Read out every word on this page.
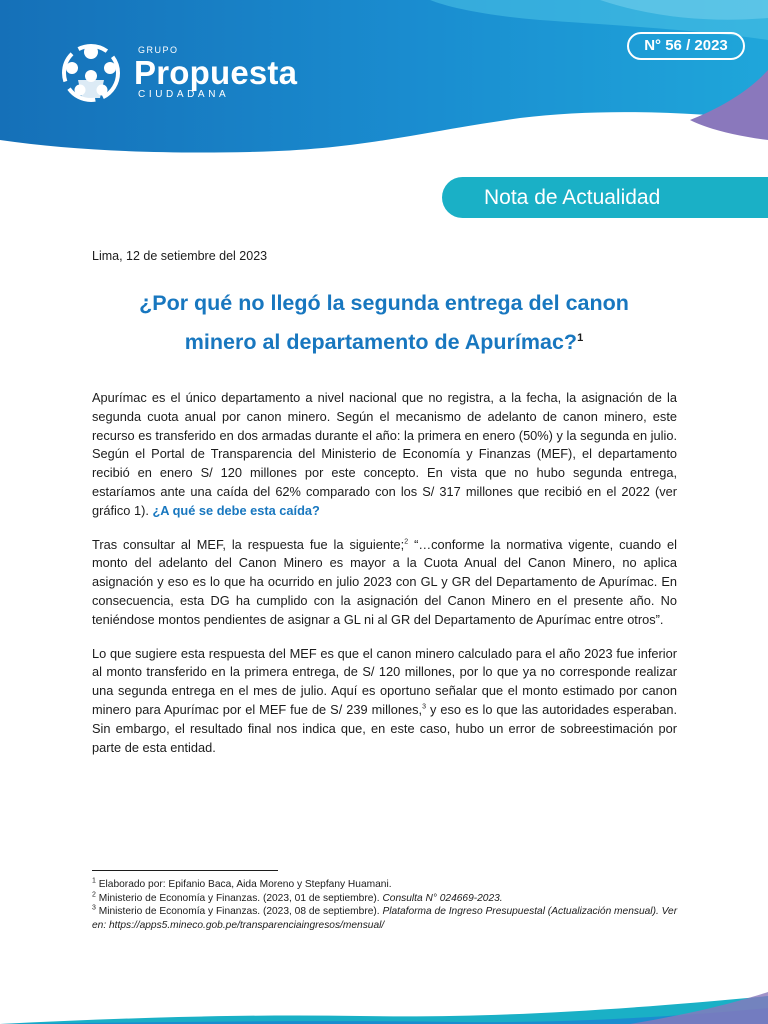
GRUPO
Propuesta
CIUDADANA
N° 56 / 2023
Nota de Actualidad
Lima, 12 de setiembre del 2023
¿Por qué no llegó la segunda entrega del canon
minero al departamento de Apurímac?$^1$

Apurímac es el único departamento a nivel nacional que no registra, a la fecha, la asignación de la segunda cuota anual por canon minero. Según el mecanismo de adelanto de canon minero, este recurso es transferido en dos armadas durante el año: la primera en enero (50%) y la segunda en julio. Según el Portal de Transparencia del Ministerio de Economía y Finanzas (MEF), el departamento recibió en enero S/ 120 millones por este concepto. En vista que no hubo segunda entrega, estaríamos ante una caída del 62% comparado con los S/ 317 millones que recibió en el 2022 (ver gráfico 1). ¿A qué se debe esta caída?

Tras consultar al MEF, la respuesta fue la siguiente;$^2$ “…conforme la normativa vigente, cuando el monto del adelanto del Canon Minero es mayor a la Cuota Anual del Canon Minero, no aplica asignación y eso es lo que ha ocurrido en julio 2023 con GL y GR del Departamento de Apurímac. En consecuencia, esta DG ha cumplido con la asignación del Canon Minero en el presente año. No teniéndose montos pendientes de asignar a GL ni al GR del Departamento de Apurímac entre otros”.

Lo que sugiere esta respuesta del MEF es que el canon minero calculado para el año 2023 fue inferior al monto transferido en la primera entrega, de S/ 120 millones, por lo que ya no corresponde realizar una segunda entrega en el mes de julio. Aquí es oportuno señalar que el monto estimado por canon minero para Apurímac por el MEF fue de S/ 239 millones,$^3$ y eso es lo que las autoridades esperaban. Sin embargo, el resultado final nos indica que, en este caso, hubo un error de sobreestimación por parte de esta entidad.

$^1$ Elaborado por: Epifanio Baca, Aida Moreno y Stepfany Huamani.
$^2$ Ministerio de Economía y Finanzas. (2023, 01 de septiembre). Consulta N° 024669-2023.
$^3$ Ministerio de Economía y Finanzas. (2023, 08 de septiembre). Plataforma de Ingreso Presupuestal (Actualización mensual). Ver en: https://apps5.mineco.gob.pe/transparenciaingresos/mensual/
